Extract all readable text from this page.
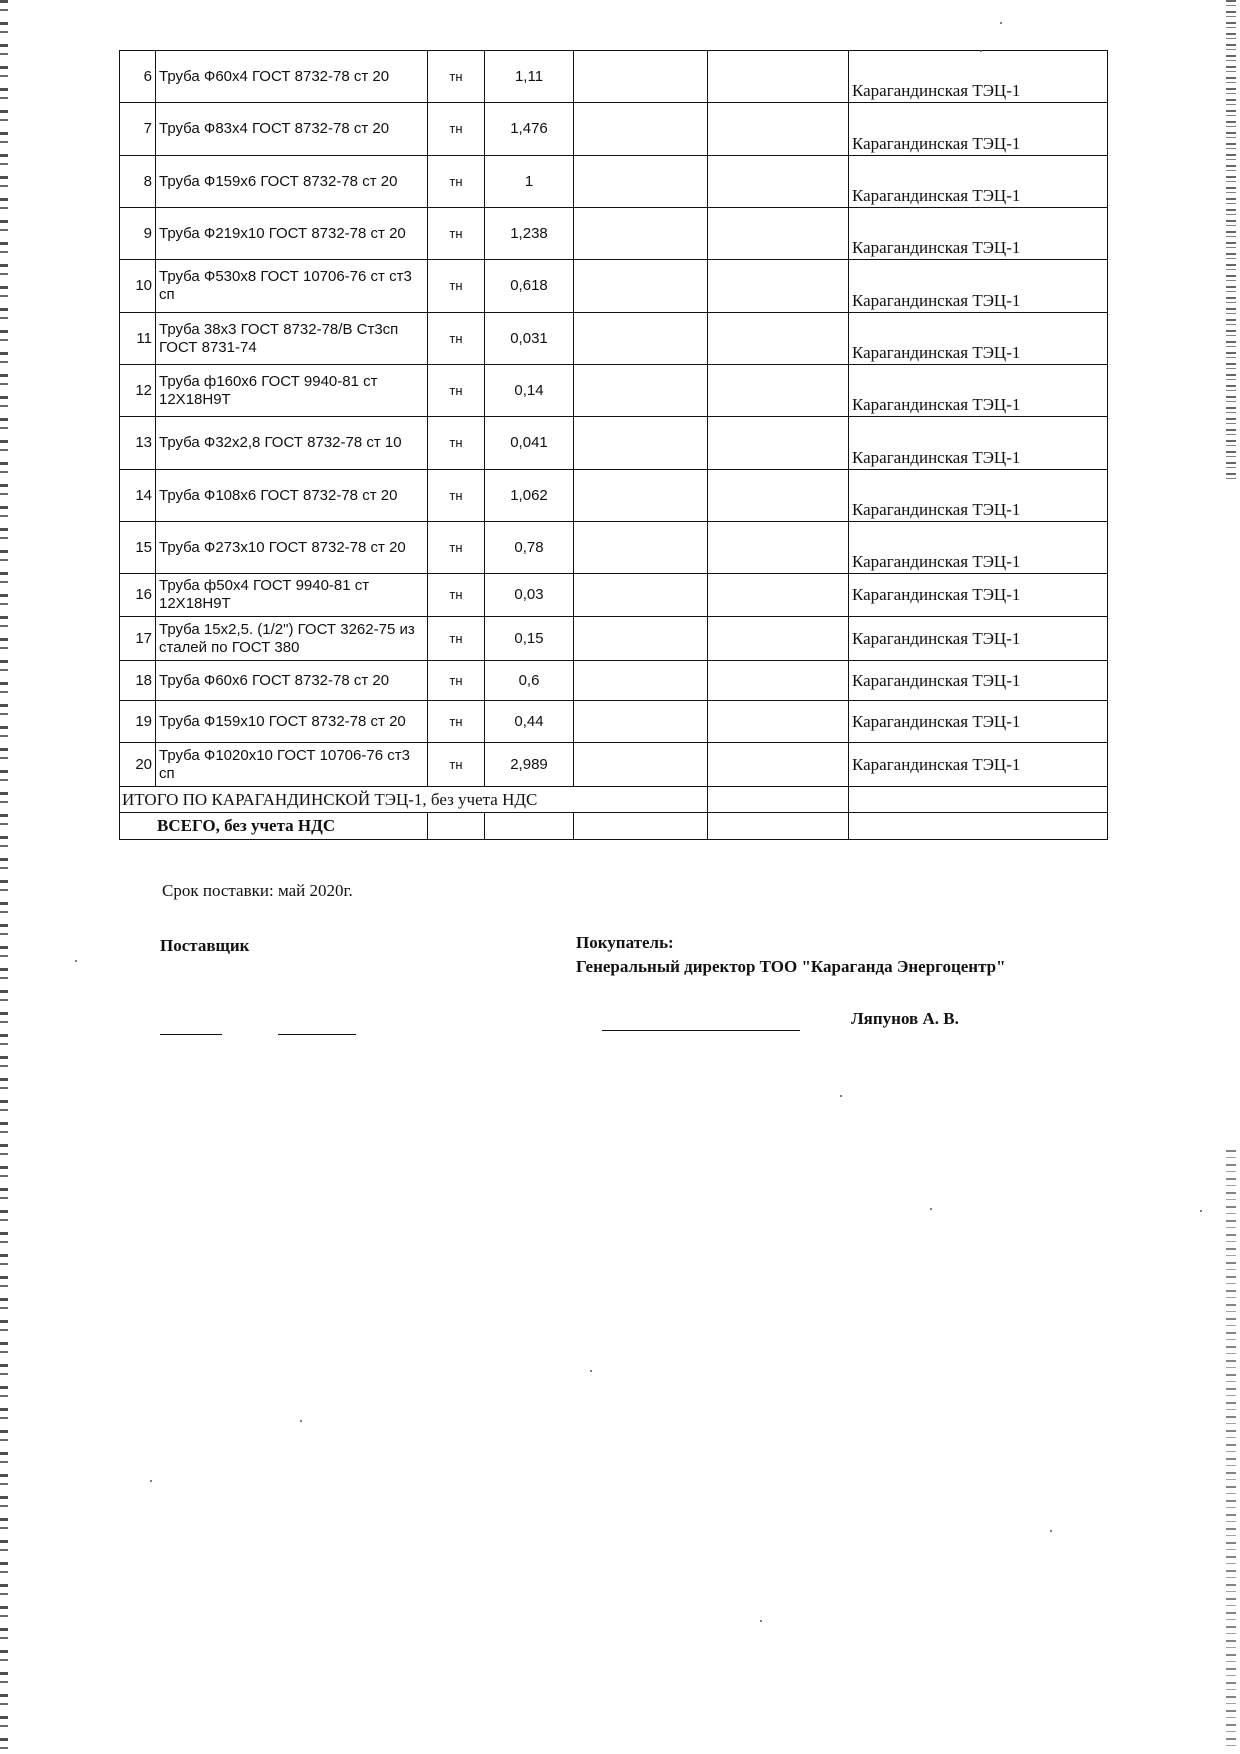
6	Труба Ф60х4 ГОСТ 8732-78 ст 20	тн	1,11			Карагандинская ТЭЦ-1
7	Труба Ф83х4 ГОСТ 8732-78 ст 20	тн	1,476			Карагандинская ТЭЦ-1
8	Труба Ф159х6 ГОСТ 8732-78 ст 20	тн	1			Карагандинская ТЭЦ-1
9	Труба Ф219х10 ГОСТ 8732-78 ст 20	тн	1,238			Карагандинская ТЭЦ-1
10	Труба Ф530х8 ГОСТ 10706-76 ст ст3 сп	тн	0,618			Карагандинская ТЭЦ-1
11	Труба 38х3 ГОСТ 8732-78/В Ст3сп ГОСТ 8731-74	тн	0,031			Карагандинская ТЭЦ-1
12	Труба ф160х6 ГОСТ 9940-81 ст 12Х18Н9Т	тн	0,14			Карагандинская ТЭЦ-1
13	Труба Ф32х2,8 ГОСТ 8732-78 ст 10	тн	0,041			Карагандинская ТЭЦ-1
14	Труба Ф108х6 ГОСТ 8732-78 ст 20	тн	1,062			Карагандинская ТЭЦ-1
15	Труба Ф273х10 ГОСТ 8732-78 ст 20	тн	0,78			Карагандинская ТЭЦ-1
16	Труба ф50х4 ГОСТ 9940-81 ст 12Х18Н9Т	тн	0,03			Карагандинская ТЭЦ-1
17	Труба 15х2,5. (1/2") ГОСТ 3262-75 из сталей по ГОСТ 380	тн	0,15			Карагандинская ТЭЦ-1
18	Труба Ф60х6 ГОСТ 8732-78 ст 20	тн	0,6			Карагандинская ТЭЦ-1
19	Труба Ф159х10 ГОСТ 8732-78 ст 20	тн	0,44			Карагандинская ТЭЦ-1
20	Труба Ф1020х10 ГОСТ 10706-76 ст3 сп	тн	2,989			Карагандинская ТЭЦ-1
ИТОГО ПО КАРАГАНДИНСКОЙ ТЭЦ-1, без учета НДС						
ВСЕГО, без учета НДС						
Срок поставки: май 2020г.
Поставщик	Покупатель:
Генеральный директор ТОО "Караганда Энергоцентр"
Ляпунов А. В.
